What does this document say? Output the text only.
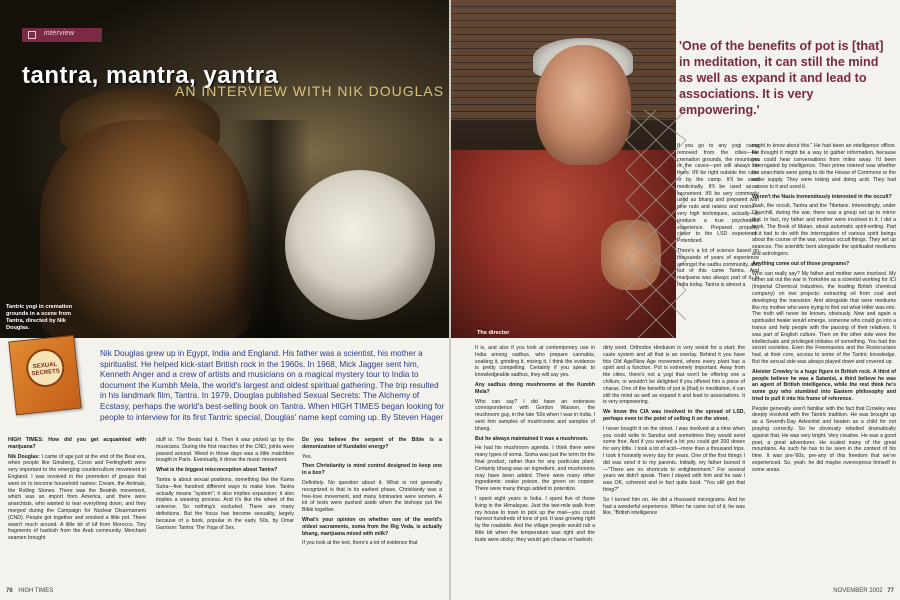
interview
tantra, mantra, yantra
AN INTERVIEW WITH NIK DOUGLAS
Tantric yogi in cremation grounds in a scene from Tantra, directed by Nik Douglas.
SEXUAL SECRETS
Nik Douglas grew up in Egypt, India and England. His father was a scientist, his mother a spiritualist. He helped kick-start British rock in the 1960s. In 1968, Mick Jagger sent him, Kenneth Anger and a crew of artists and musicians on a magical mystery tour to India to document the Kumbh Mela, the world's largest and oldest spiritual gathering. The trip resulted in his landmark film, Tantra. In 1979, Douglas published Sexual Secrets: The Alchemy of Ecstasy, perhaps the world's best-selling book on Tantra. When HIGH TIMES began looking for people to interview for its first Tantric special, Douglas' name kept coming up. By Steven Hager

HIGH TIMES: How did you get acquainted with marijuana?

Nik Douglas: I came of age just at the end of the Beat era, when people like Ginsberg, Corso and Ferlinghetti were very important to the emerging counterculture movement in England. I was involved in the promotion of groups that went on to become household names: Cream, the Animals, the Rolling Stones. There was the Beatnik movement, which was an import from America, and there were anarchists, who wanted to tear everything down, and they merged during the Campaign for Nuclear Disarmament (CND). People got together and smoked a little pot. There wasn't much around. A little bit of kif from Morocco. Tiny fragments of hashish from the Arab community. Merchant seamen brought

stuff in. The Beats had it. Then it was picked up by the musicians. During the first marches of the CND, joints were passed around. Weed in those days was a little matchbox bought in Paris. Eventually, it drove the music movement.

What is the biggest misconception about Tantra?

Tantra is about sexual positions, something like the Kama Sutra—five hundred different ways to make love. Tantra actually means "system"; it also implies expansion; it also implies a weaving process. And it's like the wheel of the universe. So nothing's excluded. There are many definitions. But the focus has become sexuality, largely because of a book, popular in the early '60s, by Omar Garrison: Tantra: The Yoga of Sex.

Do you believe the serpent of the Bible is a demonization of Kundalini energy?

Yes.

Then Christianity is mind control designed to keep one in a box?

Definitely. No question about it. What is not generally recognized is that in its earliest phase, Christianity was a free-love movement, and many luminaries were women. A lot of texts were pushed aside when the bishops put the Bible together.

What's your opinion on whether one of the world's oldest sacraments, soma from the Rig Veda, is actually bhang, marijuana mixed with milk?

If you look at the text, there's a lot of evidence that

76 HIGH TIMES
The director
'One of the benefits of pot is [that] in meditation, it can still the mind as well as expand it and lead to associations. It is very empowering.'

It is, and also if you look at contemporary use in India among sadhus, who prepare cannabis, soaking it, grinding it, mixing it. I think the evidence is pretty compelling. Certainly if you speak to knowledgeable sadhus, they will say yes.

Any sadhus doing mushrooms at the Kumbh Mela?

Who can say? I did have an extensive correspondence with Gordon Wasson, the mushroom guy, in the late '60s when I was in India. I sent him samples of mushrooms and samples of bhang.

But he always maintained it was a mushroom.

He had his mushroom agenda. I think there were many types of soma. Soma was just the term for the final product, rather than for any particular plant. Certainly bhang was an ingredient, and mushrooms may have been added. There were many other ingredients: snake poison, the green on copper. There were many things added to potentize.

I spent eight years in India. I spent five of those living in the Himalayas. Just the two-mile walk from my house to town to pick up the mail—you could harvest hundreds of tons of pot. It was growing right by the roadside. And the village people would rub a little bit when the temperature was right and the buds were sticky; they would get charas or hashish.

If you go to any yogi camp removed from the cities—the cremation grounds, the mountains or the caves—pot will always be there. It'll be right outside the cave or by the camp. It'll be used medicinally. It'll be used as a sacrament. It'll be very commonly used as bhang and prepared with pine nuts and raisins and resins—very high techniques, actually—to produce a true psychedelic experience. Prepared properly, closer to the LSD experience. Potentized.

There's a lot of science based on thousands of years of experience amongst the sadhu community, and out of this came Tantra. And marijuana was always part of it. In India today, Tantra is almost a

dirty word. Orthodox Hinduism is very sexist for a start; the caste system and all that is an overlay. Behind it you have this Old Age/New Age movement, where every plant has a spirit and a function. Pot is extremely important. Away from the cities, there's not a yogi that won't be offering one a chillum, or wouldn't be delighted if you offered him a piece of charas. One of the benefits of pot is [that] in meditation, it can still the mind as well as expand it and lead to associations. It is very empowering.

We know the CIA was involved in the spread of LSD, perhaps even to the point of selling it on the street.

I never bought it on the street. I was involved at a time when you could write to Sandoz and sometimes they would send some free. And if you wanted a lot you could get 200 doses for very little. I took a lot of acid—more than a thousand trips. I took it honestly every day for years. One of the first things I did was send it to my parents. Initially, my father burned it—"There are no shortcuts to enlightenment." For several years we didn't speak. Then I stayed with him and he saw I was OK, coherent and in fact quite lucid. "You still got that thing?"

So I turned him on. He did a thousand micrograms. And he had a wonderful experience. When he came out of it, he was like, "British intelligence

ought to know about this." He had been an intelligence officer. He thought it might be a way to gather information, because you could hear conversations from miles away. I'd been interrogated by intelligence. Their prime interest was whether the anarchists were going to do the House of Commons or the water supply. They were toking and doing acid. They had access to it and used it.

Weren't the Nazis tremendously interested in the occult?

Yeah, the occult, Tantra and the Tibetans. Interestingly, under Churchill, during the war, there was a group set up to mirror that. In fact, my father and mother were involved in it. I did a book, The Book of Matan, about automatic spirit-writing. Part of it had to do with the interrogation of various spirit beings about the course of the war, various occult things. They set up seances. The scientific bent alongside the spiritualist mediums and astrologers.

Anything come out of those programs?

Who can really say? My father and mother were involved. My father sat out the war in Yorkshire as a scientist working for ICI (Imperial Chemical Industries, the leading British chemical company) on two projects: extracting oil from coal and developing the transistor. And alongside that were mediums like my mother who were trying to find out what Hitler was into. The truth will never be known, obviously. Now and again a spiritualist healer would emerge, someone who could go into a trance and help people with the passing of their relatives. It was part of English culture. Then on the other side were the intellectuals and privileged initiates of something. You had the secret societies. Even the Freemasons and the Rosicrucians had, at their core, access to some of the Tantric knowledge. But the sexual side was always played down and covered up.

Aleister Crowley is a huge figure in British rock. A third of people believe he was a Satanist, a third believe he was an agent of British intelligence, while the rest think he's some guy who stumbled into Eastern philosophy and tried to pull it into his frame of reference.

People generally aren't familiar with the fact that Crowley was deeply involved with the Tantric tradition. He was brought up as a Seventh-Day Adventist and beaten as a child for not praying correctly. So he obviously rebelled dramatically against that. He was very bright. Very creative. He was a good poet, a great adventurer. He scaled many of the great mountains. As such he has to be seen in the context of his time. It was pre-'60s, pre-any of this freedom that we've experienced. So, yeah, he did maybe overexpress himself in some areas.

NOVEMBER 2002 77
